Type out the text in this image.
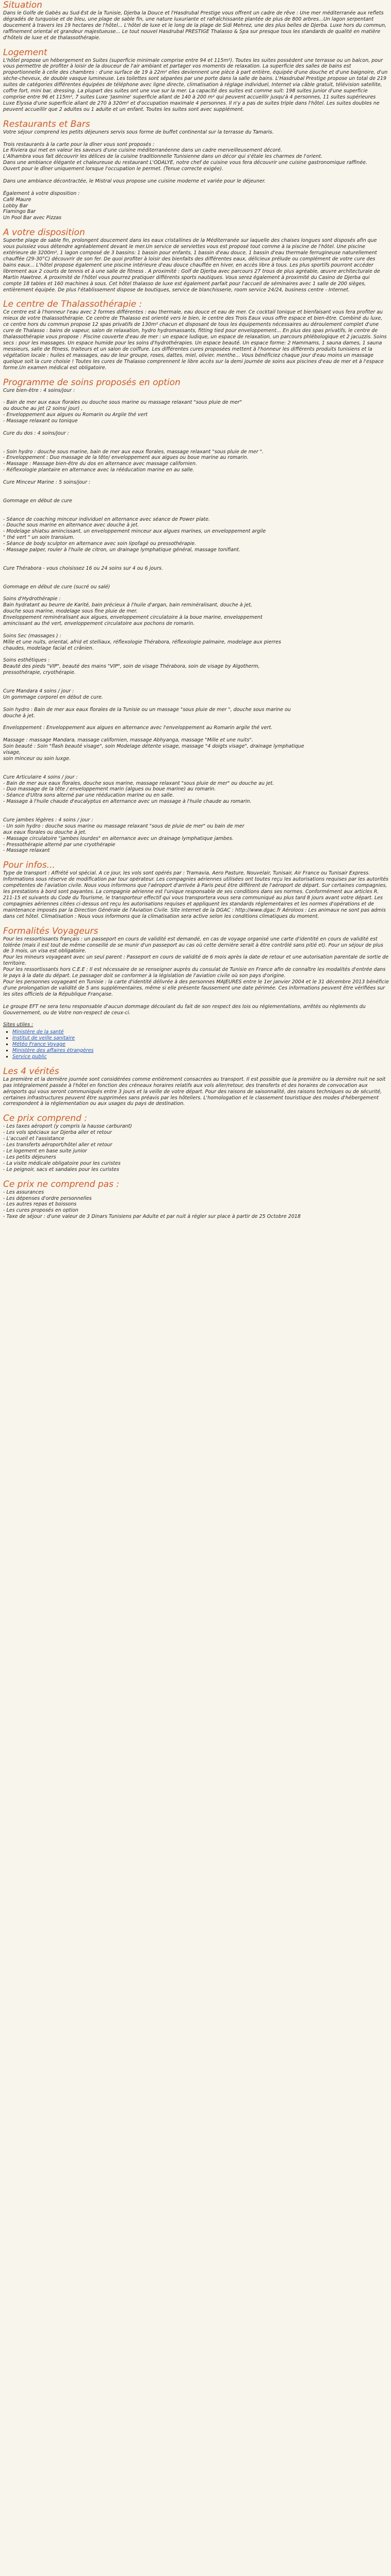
Situation

Dans le Golfe de Gabès au Sud-Est de la Tunisie, Djerba la Douce et l'Hasdrubal Prestige vous offrent un cadre de rêve : Une mer méditerranée aux reflets dégradés de turquoise et de bleu, une plage de sable fin, une nature luxuriante et rafraîchissante plantée de plus de 800 arbres...Un lagon serpentant doucement à travers les 19 hectares de l'hôtel... L'hôtel de luxe et le long de la plage de Sidi Mehrez, une des plus belles de Djerba. Luxe hors du commun, raffinement oriental et grandeur majestueuse... Le tout nouvel Hasdrubal PRESTIGE Thalasso & Spa sur presque tous les standards de qualité en matière d'hôtels de luxe et de thalassothérapie.

Logement

L'hôtel propose un hébergement en Suites (superficie minimale comprise entre 94 et 115m²). Toutes les suites possèdent une terrasse ou un balcon, pour vous permettre de profiter à loisir de la douceur de l'air ambiant et partager vos moments de relaxation. La superficie des salles de bains est proportionnelle à celle des chambres : d'une surface de 19 à 22m² elles deviennent une pièce à part entière, équipée d'une douche et d'une baignoire, d'un sèche-cheveux, de double vasque lumineuse. Les toilettes sont séparées par une porte dans la salle de bains. L'Hasdrubal Prestige propose un total de 219 suites de catégories différentes équipées de téléphone avec ligne directe, climatisation à réglage individuel, Internet via câble gratuit, télévision satellite, coffre fort, mini bar, dressing. La plupart des suites ont une vue sur la mer. La capacité des suites est comme suit: 198 suites junior d'une superficie comprise entre 96 et 115m², 7 suites Luxe 'Jasmine' superficie allant de 140 à 200 m² qui peuvent accueillir jusqu'à 4 personnes, 11 suites supérieures Luxe Elyssa d'une superficie allant de 270 à 320m² et d'occupation maximale 4 personnes. Il n'y a pas de suites triple dans l'hôtel. Les suites doubles ne peuvent accueillir que 2 adultes ou 1 adulte et un enfant. Toutes les suites sont avec supplément.

Restaurants et Bars

Votre séjour comprend les petits déjeuners servis sous forme de buffet continental sur la terrasse du Tamaris.

Trois restaurants à la carte pour la dîner vous sont proposés :

Le Riviera qui met en valeur les saveurs d'une cuisine méditerranéenne dans un cadre merveilleusement décoré.

L'Alhambra vous fait découvrir les délices de la cuisine traditionnelle Tunisienne dans un décor qui s'étale les charmes de l'orient.

Dans une ambiance élégante et chaleureuse du restaurant L'ODALYE, notre chef de cuisine vous fera découvrir une cuisine gastronomique raffinée.

Ouvert pour le dîner uniquement lorsque l'occupation le permet. (Tenue correcte exigée).

Dans une ambiance décontractée, le Mistral vous propose une cuisine moderne et variée pour le déjeuner.

Également à votre disposition :

Café Maure

Lobby Bar

Flamingo Bar

Un Pool Bar avec Pizzas

A votre disposition

Superbe plage de sable fin, prolongent doucement dans les eaux cristallines de la Méditerranée sur laquelle des chaises longues sont disposés afin que vous puissiez vous détendre agréablement devant le mer.Un service de serviettes vous est proposé tout comme à la piscine de l'hôtel. Une piscine extérieure de 3200m², 1 lagon composé de 3 bassins: 1 bassin pour enfants, 1 bassin d'eau douce, 1 bassin d'eau thermale ferrugineuse naturellement chauffée (29-30°C) découvrir de son fer. De quoi profiter à loisir des bienfaits des différentes eaux, délicieux prélude ou complément de votre cure des bains eaux... L'hôtel propose également une piscine intérieure d'eau douce chauffée en hiver, en accès libre à tous. Les plus sportifs pourront accéder librement aux 2 courts de tennis et à une salle de fitness . A proximité : Golf de Djerba avec parcours 27 trous de plus agréable, œuvre architecturale de Martin Hawtree. A proximité de l'hôtel vous pourrez pratiquer différents sports nautiques. Vous serez également à proximité du Casino de Djerba qui compte 18 tables et 160 machines à sous. Cet hôtel thalasso de luxe est également parfait pour l'accueil de séminaires avec 1 salle de 200 sièges, entièrement équipée. De plus l'établissement dispose de boutiques, service de blanchisserie, room service 24/24, business centre - Internet.

Le centre de Thalassothérapie :

Ce centre est à l'honneur l'eau avec 2 formes différentes : eau thermale, eau douce et eau de mer. Ce cocktail tonique et bienfaisant vous fera profiter au mieux de votre thalassothérapie. Ce centre de Thalasso est orienté vers le bien, le centre des Trois Eaux vous offre espace et bien-être. Combiné du luxe, ce centre hors du commun propose 12 spas privatifs de 130m² chacun et disposant de tous les équipements nécessaires au déroulement complet d'une cure de Thalasso : bains de vapeur, salon de relaxation, hydro hydromassants, fitting tied pour enveloppement... En plus des spas privatifs, le centre de thalassothérapie vous propose : Piscine couverte d'eau de mer : un espace ludique, un espace de relaxation, un parcours phlébologique et 2 jacuzzis. Soins secs : pour les massages. Un espace humide pour les soins d'hydrothérapies. Un espace beauté. Un espace forme: 2 Hammams, 1 sauna dames, 1 sauna messieurs, salle de fitness, traiteurs et un salon de coiffure. Les différentes cures proposées mettent à l'honneur les différents produits tunisiens et la végétation locale : huiles et massages, eau de leur groupe, roses, dattes, miel, olivier, menthe... Vous bénéficiez chaque jour d'eau moins un massage quelque soit la cure choisie ! Toutes les cures de Thalasso comprennent le libre accès sur la demi journée de soins aux piscines d'eau de mer et à l'espace forme.Un examen médical est obligatoire.

Programme de soins proposés en option

Cure bien-être : 4 soins/jour :

- Bain de mer aux eaux florales ou douche sous marine ou massage relaxant "sous pluie de mer"

ou douche au jet (2 soins/ jour) ,

- Enveloppement aux algues ou Romarin ou Argile thé vert

- Massage relaxant ou tonique

Cure du dos : 4 soins/jour :

- Soin hydro : douche sous marine, bain de mer aux eaux florales, massage relaxant "sous pluie de mer ".

- Enveloppement : Duo massage de la tête/ enveloppement aux algues ou boue marine au romarin.

- Massage : Massage bien-être du dos en alternance avec massage californien.

- Réflexologie plantaire en alternance avec la rééducation marine en au salle.

Cure Minceur Marine : 5 soins/jour :

Gommage en début de cure

- Séance de coaching minceur individuel en alternance avec séance de Power plate.

- Douche sous marine en alternance avec douche à jet.

- Modelage shiatsu amincissant, un enveloppement minceur aux algues marines, un enveloppement argile

" thé vert " un soin transium.

- Séance de body sculptor en alternance avec soin lipofagé ou pressothérapie.

- Massage palper, rouler à l'huile de citron, un drainage lymphatique général, massage tonifiant.

Cure Thérabora - vous choisissez 16 ou 24 soins sur 4 ou 6 jours.

Gommage en début de cure (sucré ou salé)

Soins d'Hydrothérapie :

Bain hydratant au beurre de Karité, bain précieux à l'huile d'argan, bain reminéralisant, douche à jet,

douche sous marine, modelage sous fine pluie de mer.

Enveloppement reminéralisant aux algues, enveloppement circulatoire à la boue marine, enveloppement

amincissant au thé vert, enveloppement circulatoire aux pochons de romarin.

Soins Sec (massages ) :

Mille et une nuits, oriental, afrid et stelliaux, réflexologie Thérabora, réflexologie palmaire, modelage aux pierres

chaudes, modelage facial et crânien.

Soins esthétiques :

Beauté des pieds "VIP", beauté des mains "VIP", soin de visage Thérabora, soin de visage by Algotherm,

pressothérapie, cryothérapie.

Cure Mandara 4 soins / jour :

Un gommage corporel en début de cure.

Soin hydro : Bain de mer aux eaux florales de la Tunisie ou un massage "sous pluie de mer ", douche sous marine ou

douche à jet.

Enveloppement : Enveloppement aux algues en alternance avec l'enveloppement au Romarin argile thé vert.

Massage : massage Mandara, massage californien, massage Abhyanga, massage "Mille et une nuits".

Soin beauté : Soin "flash beauté visage", soin Modelage détente visage, massage "4 doigts visage", drainage lymphatique

visage,

soin minceur ou soin luxge.

Cure Articulaire 4 soins / jour :

- Bain de mer aux eaux florales, douche sous marine, massage relaxant "sous pluie de mer" ou douche au jet.

- Duo massage de la tête / enveloppement marin (algues ou boue marine) au romarin.

- Séance d'Ultra sons alterné par une rééducation marine ou en salle.

- Massage à l'huile chaude d'eucalyptus en alternance avec un massage à l'huile chaude au romarin.

Cure jambes légères : 4 soins / jour :

- Un soin hydro : douche sous marine ou massage relaxant "sous de pluie de mer" ou bain de mer

aux eaux florales ou douche à jet.

- Massage circulatoire "jambes lourdes" en alternance avec un drainage lymphatique jambes.

- Pressothérapie alterné par une cryothérapie

- Massage relaxant

Pour infos...

Type de transport : Affrété vol spécial. A ce jour, les vols sont opérés par : Tramavia, Aero Pasture, Nouvelair, Tunisair, Air France ou Tunisair Express. Informations sous réserve de modification par tour opérateur. Les compagnies aériennes utilisées ont toutes reçu les autorisations requises par les autorités compétentes de l'aviation civile. Nous vous informons que l'aéroport d'arrivée à Paris peut être différent de l'aéroport de départ. Sur certaines compagnies, les prestations à bord sont payantes. La compagnie aérienne est l'unique responsable de ses conditions dans ses normes. Conformément aux articles R. 211-15 et suivants du Code du Tourisme, le transporteur effectif qui vous transportera vous sera communiqué au plus tard 8 jours avant votre départ. Les compagnies aériennes citées ci-dessus ont reçu les autorisations requises et appliquent les standards réglementaires et les normes d'opérations et de maintenance imposés par la Direction Générale de l'Aviation Civile. Site internet de la DGAC : http://www.dgac.fr Aéroloos : Les animaux ne sont pas admis dans cet hôtel. Climatisation : Nous vous informons que la climatisation sera active selon les conditions climatiques du moment.

Formalités Voyageurs

Pour les ressortissants français : un passeport en cours de validité est demandé, en cas de voyage organisé une carte d'identité en cours de validité est tolérée (mais il est tout de même conseillé de se munir d'un passeport au cas où cette dernière serait à être contrôlé sans pitié et). Pour un séjour de plus de 3 mois, un visa est obligatoire.

Pour les mineurs voyageant avec un seul parent : Passeport en cours de validité de 6 mois après la date de retour et une autorisation parentale de sortie de territoire.

Pour les ressortissants hors C.E.E : Il est nécessaire de se renseigner auprès du consulat de Tunisie en France afin de connaître les modalités d'entrée dans le pays à la date du départ. Le passager doit se conformer à la législation de l'aviation civile où son pays d'origine.

Pour les personnes voyageant en Tunisie : la carte d'identité délivrée à des personnes MAJEURES entre le 1er janvier 2004 et le 31 décembre 2013 bénéficie d'une prolongation de validité de 5 ans supplémentaires, même si elle présente faussement une date périmée. Ces informations peuvent être vérifiées sur les sites officiels de la République Française.

Le groupe EFT ne sera tenu responsable d'aucun dommage découlant du fait de son respect des lois ou réglementations, arrêtés ou règlements du Gouvernement, ou de Votre non-respect de ceux-ci.

Sites utiles :

▪ Ministère de la santé
▪ Institut de veille sanitaire
▪ Météo France Voyage
▪ Ministère des affaires étrangères
▪ Service public
Les 4 vérités

La première et la dernière journée sont considérées comme entièrement consacrées au transport. Il est possible que la première ou la dernière nuit ne soit pas intégralement passée à l'hôtel en fonction des créneaux horaires relatifs aux vols aller/retour, des transferts et des horaires de convocation aux aéroports qui vous seront communiqués entre 3 jours et la veille de votre départ. Pour des raisons de saisonnalité, des raisons techniques ou de sécurité, certaines infrastructures peuvent être supprimées sans préavis par les hôteliers. L'homologation et le classement touristique des modes d'hébergement correspondent à la réglementation ou aux usages du pays de destination.

Ce prix comprend :

- Les taxes aéroport (y compris la hausse carburant)

- Les vols spéciaux sur Djerba aller et retour

- L'accueil et l'assistance

- Les transferts aéroport/hôtel aller et retour

- Le logement en base suite junior

- Les petits déjeuners

- La visite médicale obligatoire pour les curistes

- Le peignoir, sacs et sandales pour les curistes

Ce prix ne comprend pas :

- Les assurances

- Les dépenses d'ordre personnelles

- Les autres repas et boissons

- Les cures proposés en option

- Taxe de séjour : d'une valeur de 3 Dinars Tunisiens par Adulte et par nuit à régler sur place à partir de 25 Octobre 2018
